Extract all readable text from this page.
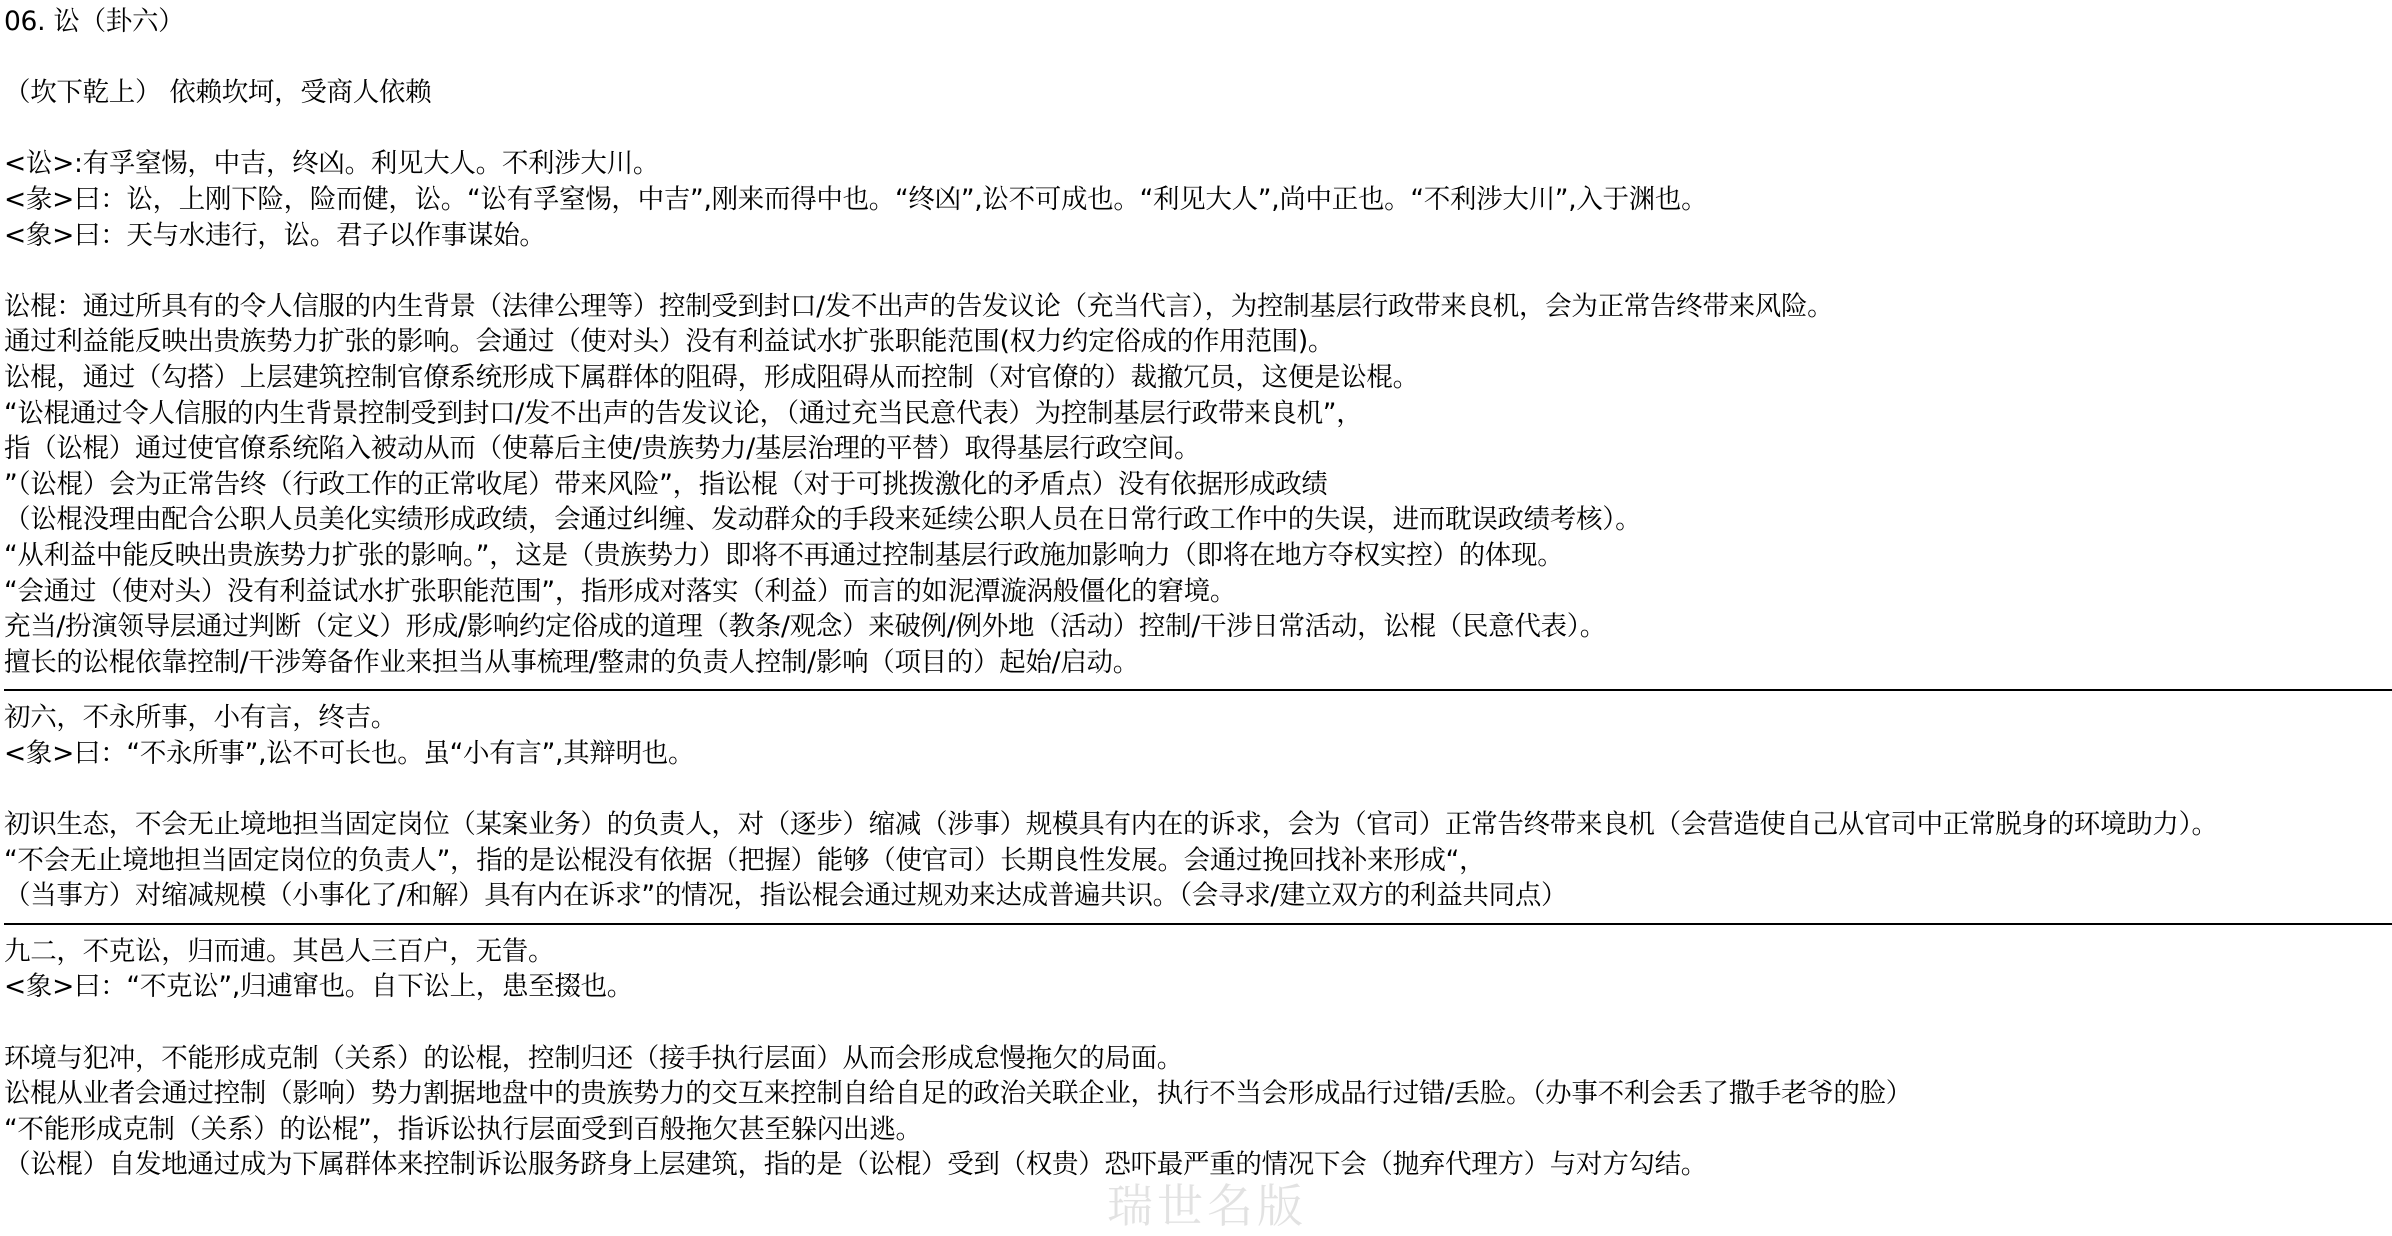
06. 讼（卦六）
（坎下乾上） 依赖坎坷，受商人依赖
<讼>:有孚窒惕，中吉，终凶。利见大人。不利涉大川。
<彖>曰：讼，上刚下险，险而健，讼。“讼有孚窒惕，中吉”,刚来而得中也。“终凶”,讼不可成也。“利见大人”,尚中正也。“不利涉大川”,入于渊也。
<象>曰：天与水违行，讼。君子以作事谋始。
讼棍：通过所具有的令人信服的内生背景（法律公理等）控制受到封口/发不出声的告发议论（充当代言），为控制基层行政带来良机，会为正常告终带来风险。
通过利益能反映出贵族势力扩张的影响。会通过（使对头）没有利益试水扩张职能范围(权力约定俗成的作用范围)。
讼棍，通过（勾搭）上层建筑控制官僚系统形成下属群体的阻碍，形成阻碍从而控制（对官僚的）裁撤冗员，这便是讼棍。
“讼棍通过令人信服的内生背景控制受到封口/发不出声的告发议论，（通过充当民意代表）为控制基层行政带来良机”，
指（讼棍）通过使官僚系统陷入被动从而（使幕后主使/贵族势力/基层治理的平替）取得基层行政空间。
”（讼棍）会为正常告终（行政工作的正常收尾）带来风险”，指讼棍（对于可挑拨激化的矛盾点）没有依据形成政绩
（讼棍没理由配合公职人员美化实绩形成政绩，会通过纠缠、发动群众的手段来延续公职人员在日常行政工作中的失误，进而耽误政绩考核）。
“从利益中能反映出贵族势力扩张的影响。”，这是（贵族势力）即将不再通过控制基层行政施加影响力（即将在地方夺权实控）的体现。
“会通过（使对头）没有利益试水扩张职能范围”，指形成对落实（利益）而言的如泥潭漩涡般僵化的窘境。
充当/扮演领导层通过判断（定义）形成/影响约定俗成的道理（教条/观念）来破例/例外地（活动）控制/干涉日常活动，讼棍（民意代表）。
擅长的讼棍依靠控制/干涉筹备作业来担当从事梳理/整肃的负责人控制/影响（项目的）起始/启动。
初六，不永所事，小有言，终吉。
<象>曰：“不永所事”,讼不可长也。虽“小有言”,其辩明也。
初识生态，不会无止境地担当固定岗位（某案业务）的负责人，对（逐步）缩减（涉事）规模具有内在的诉求，会为（官司）正常告终带来良机（会营造使自己从官司中正常脱身的环境助力）。
“不会无止境地担当固定岗位的负责人”，指的是讼棍没有依据（把握）能够（使官司）长期良性发展。会通过挽回找补来形成“，
（当事方）对缩减规模（小事化了/和解）具有内在诉求”的情况，指讼棍会通过规劝来达成普遍共识。（会寻求/建立双方的利益共同点）
九二，不克讼，归而逋。其邑人三百户，无眚。
<象>曰：“不克讼”,归逋窜也。自下讼上，患至掇也。
环境与犯冲，不能形成克制（关系）的讼棍，控制归还（接手执行层面）从而会形成怠慢拖欠的局面。
讼棍从业者会通过控制（影响）势力割据地盘中的贵族势力的交互来控制自给自足的政治关联企业，执行不当会形成品行过错/丢脸。（办事不利会丢了撒手老爷的脸）
“不能形成克制（关系）的讼棍”，指诉讼执行层面受到百般拖欠甚至躲闪出逃。
（讼棍）自发地通过成为下属群体来控制诉讼服务跻身上层建筑，指的是（讼棍）受到（权贵）恐吓最严重的情况下会（抛弃代理方）与对方勾结。
瑞世名版
